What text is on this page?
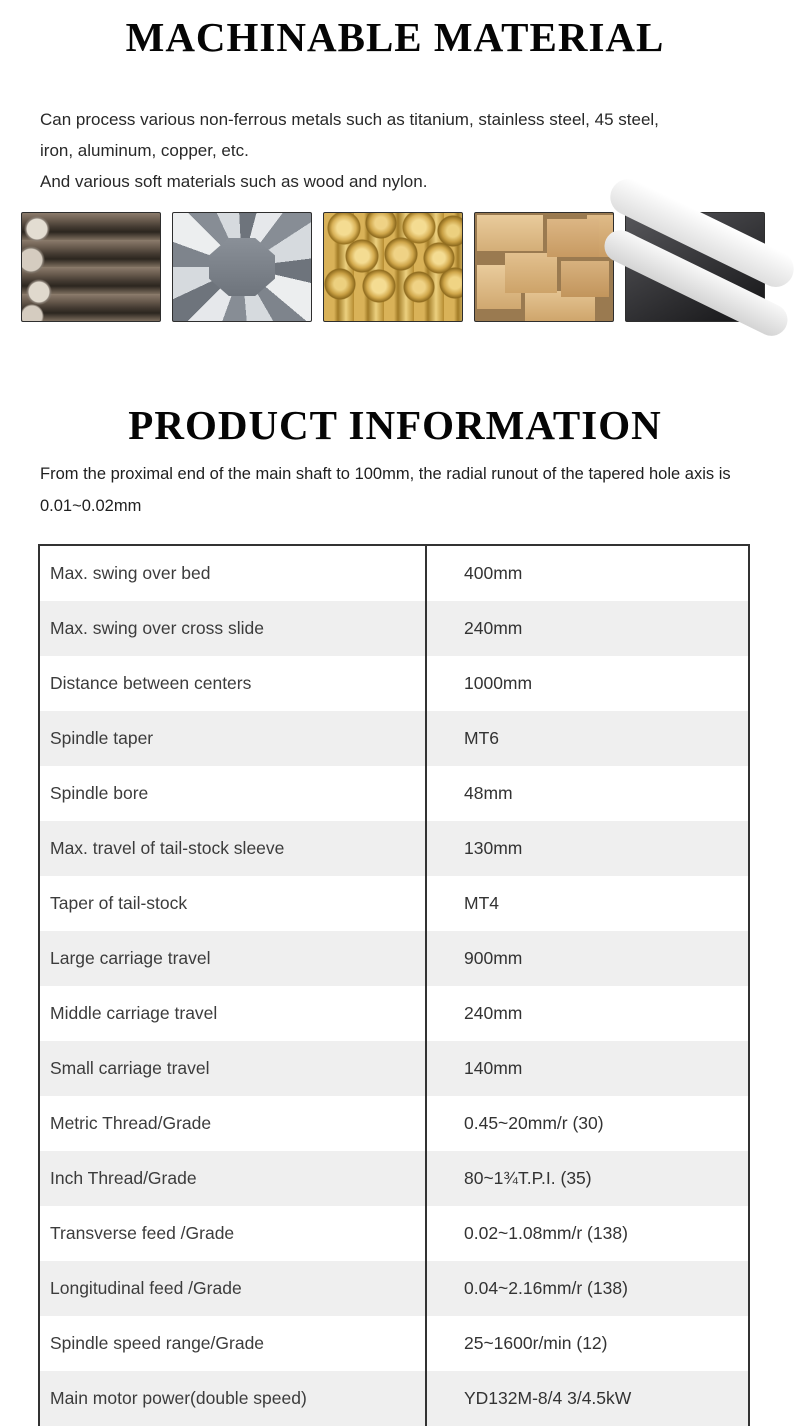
MACHINABLE MATERIAL

Can process various non-ferrous metals such as titanium, stainless steel, 45 steel,

iron, aluminum, copper, etc.

And various soft materials such as wood and nylon.

PRODUCT INFORMATION

From the proximal end of the main shaft to 100mm, the radial runout of the tapered hole axis is

0.01~0.02mm

Max. swing over bed	400mm
Max. swing over cross slide	240mm
Distance between centers	1000mm
Spindle taper	MT6
Spindle bore	48mm
Max. travel of tail-stock sleeve	130mm
Taper of tail-stock	MT4
Large carriage travel	900mm
Middle carriage travel	240mm
Small carriage travel	140mm
Metric Thread/Grade	0.45~20mm/r (30)
Inch Thread/Grade	80~1¾T.P.I. (35)
Transverse feed /Grade	0.02~1.08mm/r (138)
Longitudinal feed /Grade	0.04~2.16mm/r (138)
Spindle speed range/Grade	25~1600r/min (12)
Main motor power(double speed)	YD132M-8/4 3/4.5kW
